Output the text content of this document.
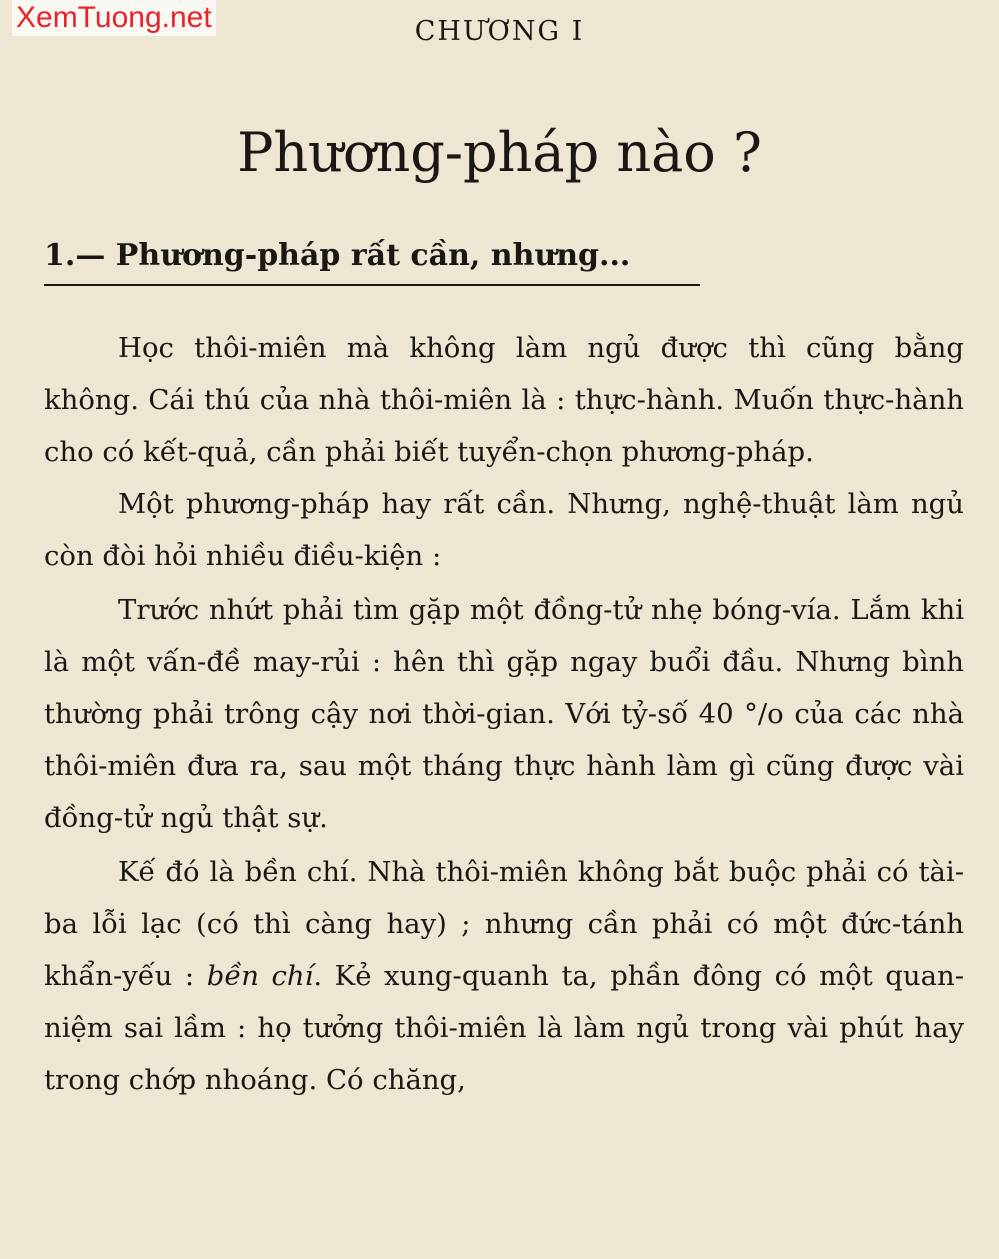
XemTuong.net	CHƯƠNG I
Phương-pháp nào ?
1.— Phương-pháp rất cần, nhưng...

Học thôi-miên mà không làm ngủ được thì cũng bằng không. Cái thú của nhà thôi-miên là : thực-hành. Muốn thực-hành cho có kết-quả, cần phải biết tuyển-chọn phương-pháp.

Một phương-pháp hay rất cần. Nhưng, nghệ-thuật làm ngủ còn đòi hỏi nhiều điều-kiện :

Trước nhứt phải tìm gặp một đồng-tử nhẹ bóng-vía. Lắm khi là một vấn-đề may-rủi : hên thì gặp ngay buổi đầu. Nhưng bình thường phải trông cậy nơi thời-gian. Với tỷ-số 40 °/o của các nhà thôi-miên đưa ra, sau một tháng thực hành làm gì cũng được vài đồng-tử ngủ thật sự.

Kế đó là bền chí. Nhà thôi-miên không bắt buộc phải có tài-ba lỗi lạc (có thì càng hay) ; nhưng cần phải có một đức-tánh khẩn-yếu : bền chí. Kẻ xung-quanh ta, phần đông có một quan-niệm sai lầm : họ tưởng thôi-miên là làm ngủ trong vài phút hay trong chớp nhoáng. Có chăng,
